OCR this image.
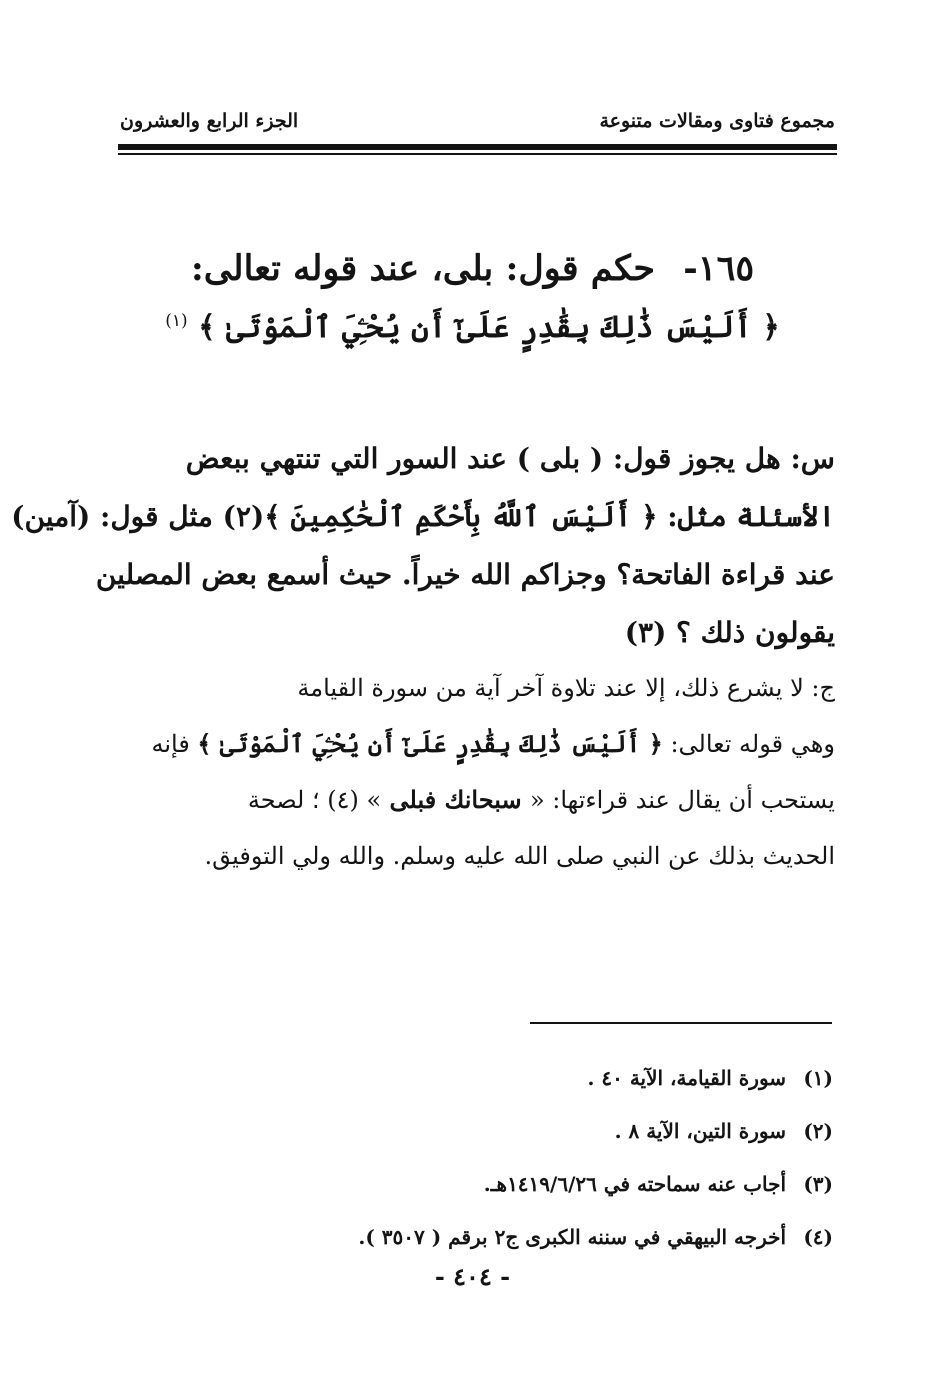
مجموع فتاوى ومقالات متنوعة
الجزء الرابع والعشرون
١٦٥- حكم قول: بلى، عند قوله تعالى:
﴿ أَلَيْسَ ذَٰلِكَ بِقَٰدِرٍ عَلَىٰٓ أَن يُحْـِۧيَ ٱلْمَوْتَىٰ ﴾ $^{(١)}$
س: هل يجوز قول: ( بلى ) عند السور التي تنتهي ببعض
الأسئلة مثل: ﴿ أَلَيْسَ ٱللَّهُ بِأَحْكَمِ ٱلْحَٰكِمِينَ ﴾(٢) مثل قول: (آمين)
عند قراءة الفاتحة؟ وجزاكم الله خيراً. حيث أسمع بعض المصلين
يقولون ذلك ؟ (٣)
ج: لا يشرع ذلك، إلا عند تلاوة آخر آية من سورة القيامة
وهي قوله تعالى: ﴿ أَلَيْسَ ذَٰلِكَ بِقَٰدِرٍ عَلَىٰٓ أَن يُحْـِۧيَ ٱلْمَوْتَىٰ ﴾ فإنه
يستحب أن يقال عند قراءتها: « سبحانك فبلى » (٤) ؛ لصحة
الحديث بذلك عن النبي صلى الله عليه وسلم. والله ولي التوفيق.
(١) سورة القيامة، الآية ٤٠ .
(٢) سورة التين، الآية ٨ .
(٣) أجاب عنه سماحته في ١٤١٩/٦/٢٦هـ.
(٤) أخرجه البيهقي في سننه الكبرى ج٢ برقم ( ٣٥٠٧ ).
- ٤٠٤ -
